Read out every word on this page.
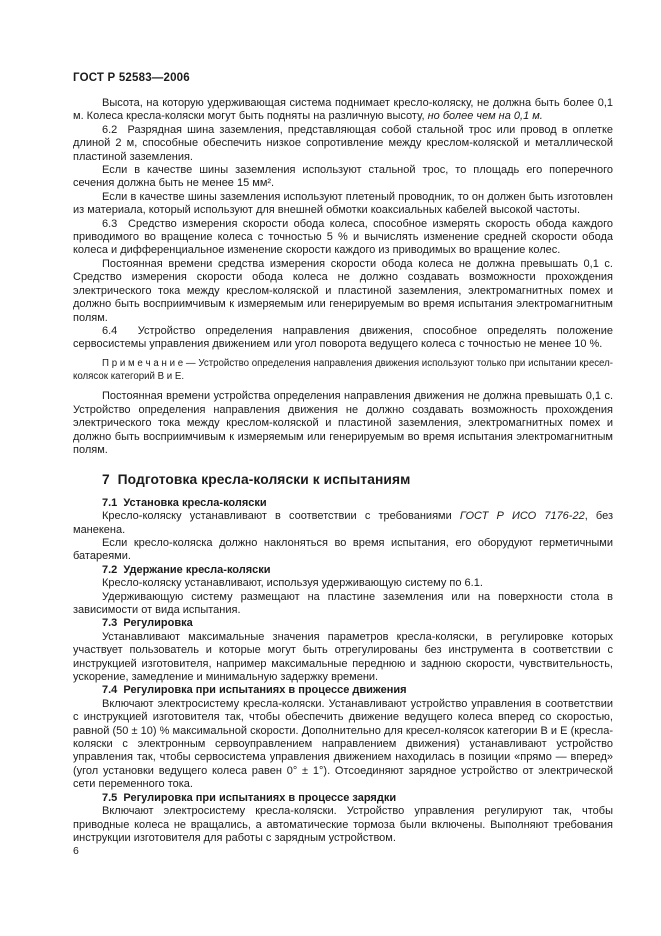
ГОСТ Р 52583—2006

Высота, на которую удерживающая система поднимает кресло-коляску, не должна быть более 0,1 м. Колеса кресла-коляски могут быть подняты на различную высоту, но более чем на 0,1 м.

6.2  Разрядная шина заземления, представляющая собой стальной трос или провод в оплетке длиной 2 м, способные обеспечить низкое сопротивление между креслом-коляской и металлической пластиной заземления.

Если в качестве шины заземления используют стальной трос, то площадь его поперечного сечения должна быть не менее 15 мм².

Если в качестве шины заземления используют плетеный проводник, то он должен быть изготовлен из материала, который используют для внешней обмотки коаксиальных кабелей высокой частоты.

6.3  Средство измерения скорости обода колеса, способное измерять скорость обода каждого приводимого во вращение колеса с точностью 5 % и вычислять изменение средней скорости обода колеса и дифференциальное изменение скорости каждого из приводимых во вращение колес.

Постоянная времени средства измерения скорости обода колеса не должна превышать 0,1 с. Средство измерения скорости обода колеса не должно создавать возможности прохождения электрического тока между креслом-коляской и пластиной заземления, электромагнитных помех и должно быть восприимчивым к измеряемым или генерируемым во время испытания электромагнитным полям.

6.4  Устройство определения направления движения, способное определять положение сервосистемы управления движением или угол поворота ведущего колеса с точностью не менее 10 %.

П р и м е ч а н и е — Устройство определения направления движения используют только при испытании кресел-колясок категорий В и Е.

Постоянная времени устройства определения направления движения не должна превышать 0,1 с. Устройство определения направления движения не должно создавать возможность прохождения электрического тока между креслом-коляской и пластиной заземления, электромагнитных помех и должно быть восприимчивым к измеряемым или генерируемым во время испытания электромагнитным полям.

7  Подготовка кресла-коляски к испытаниям
7.1  Установка кресла-коляски

Кресло-коляску устанавливают в соответствии с требованиями ГОСТ Р ИСО 7176-22, без манекена.

Если кресло-коляска должно наклоняться во время испытания, его оборудуют герметичными батареями.

7.2  Удержание кресла-коляски

Кресло-коляску устанавливают, используя удерживающую систему по 6.1.

Удерживающую систему размещают на пластине заземления или на поверхности стола в зависимости от вида испытания.

7.3  Регулировка

Устанавливают максимальные значения параметров кресла-коляски, в регулировке которых участвует пользователь и которые могут быть отрегулированы без инструмента в соответствии с инструкцией изготовителя, например максимальные переднюю и заднюю скорости, чувствительность, ускорение, замедление и минимальную задержку времени.

7.4  Регулировка при испытаниях в процессе движения

Включают электросистему кресла-коляски. Устанавливают устройство управления в соответствии с инструкцией изготовителя так, чтобы обеспечить движение ведущего колеса вперед со скоростью, равной (50 ± 10) % максимальной скорости. Дополнительно для кресел-колясок категории В и Е (кресла-коляски с электронным сервоуправлением направлением движения) устанавливают устройство управления так, чтобы сервосистема управления движением находилась в позиции «прямо — вперед» (угол установки ведущего колеса равен 0° ± 1°). Отсоединяют зарядное устройство от электрической сети переменного тока.

7.5  Регулировка при испытаниях в процессе зарядки

Включают электросистему кресла-коляски. Устройство управления регулируют так, чтобы приводные колеса не вращались, а автоматические тормоза были включены. Выполняют требования инструкции изготовителя для работы с зарядным устройством.

6
